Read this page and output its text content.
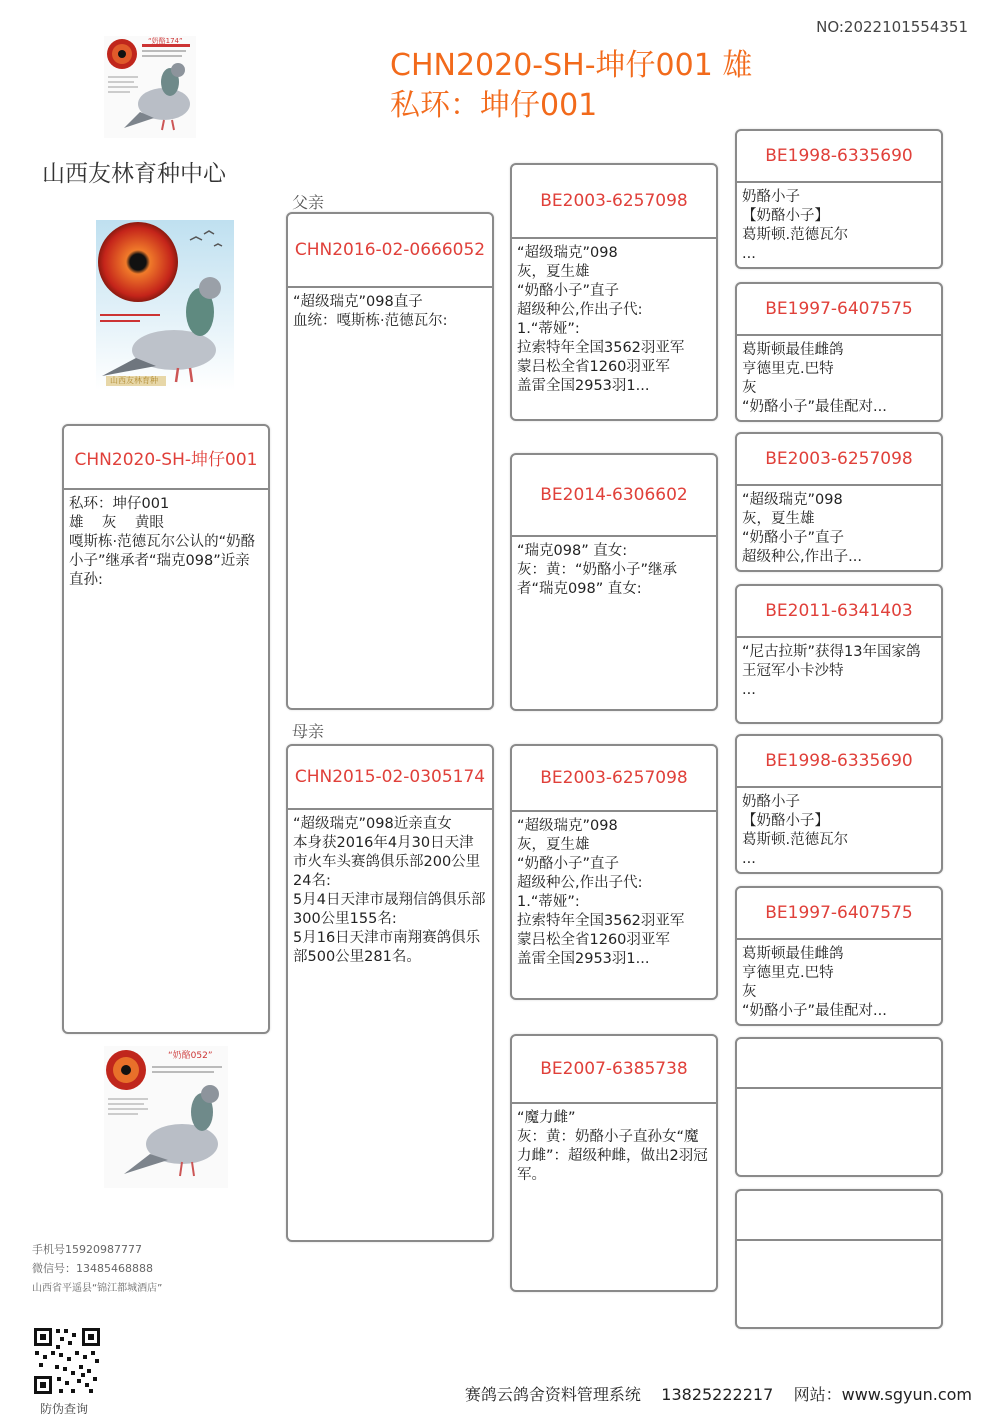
NO:2022101554351
CHN2020-SH-坤仔001 雄
私环：坤仔001
山西友林育种中心
“奶酪174”
山西友林育种
“奶酪052”
CHN2020-SH-坤仔001
私环：坤仔001
雄    灰    黄眼
嘎斯栋·范德瓦尔公认的“奶酪小子”继承者“瑞克098”近亲直孙:
父亲
母亲
CHN2016-02-0666052
“超级瑞克”098直子
血统：嘎斯栋·范德瓦尔:
CHN2015-02-0305174
“超级瑞克”098近亲直女
本身获2016年4月30日天津市火车头赛鸽俱乐部200公里24名:
5月4日天津市晟翔信鸽俱乐部300公里155名:
5月16日天津市南翔赛鸽俱乐部500公里281名。
BE2003-6257098
“超级瑞克”098
灰，夏生雄
“奶酪小子”直子
超级种公,作出子代:
1.“蒂娅”:
拉索特年全国3562羽亚军
蒙吕松全省1260羽亚军
盖雷全国2953羽1...
BE2014-6306602
“瑞克098” 直女:
灰：黄：“奶酪小子”继承者“瑞克098” 直女:
BE2003-6257098
“超级瑞克”098
灰，夏生雄
“奶酪小子”直子
超级种公,作出子代:
1.“蒂娅”:
拉索特年全国3562羽亚军
蒙吕松全省1260羽亚军
盖雷全国2953羽1...
BE2007-6385738
“魔力雌”
灰：黄：奶酪小子直孙女“魔力雌”：超级种雌，做出2羽冠军。
BE1998-6335690
奶酪小子
【奶酪小子】
葛斯顿.范德瓦尔
...
BE1997-6407575
葛斯顿最佳雌鸽
亨德里克.巴特
灰
“奶酪小子”最佳配对...
BE2003-6257098
“超级瑞克”098
灰，夏生雄
“奶酪小子”直子
超级种公,作出子...
BE2011-6341403
“尼古拉斯”获得13年国家鸽
王冠军小卡沙特
...
BE1998-6335690
奶酪小子
【奶酪小子】
葛斯顿.范德瓦尔
...
BE1997-6407575
葛斯顿最佳雌鸽
亨德里克.巴特
灰
“奶酪小子”最佳配对...
手机号15920987777
微信号：13485468888
山西省平遥县“锦江都城酒店”
防伪查询
赛鸽云鸽舍资料管理系统 13825222217 网站：www.sgyun.com
